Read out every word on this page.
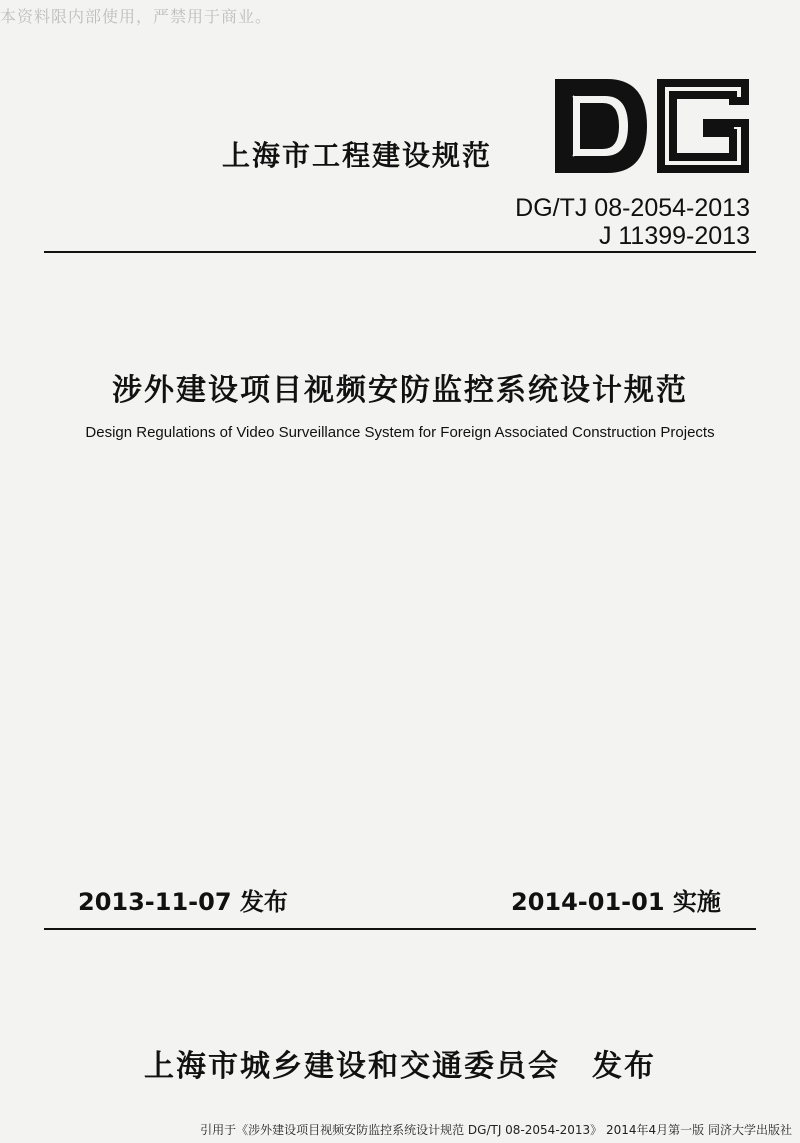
本资料限内部使用，严禁用于商业。
上海市工程建设规范
DG
DG/TJ 08-2054-2013
J 11399-2013
涉外建设项目视频安防监控系统设计规范
Design Regulations of Video Surveillance System for Foreign Associated Construction Projects
2013-11-07 发布	2014-01-01 实施
上海市城乡建设和交通委员会　发布
引用于《涉外建设项目视频安防监控系统设计规范 DG/TJ 08-2054-2013》 2014年4月第一版 同济大学出版社
